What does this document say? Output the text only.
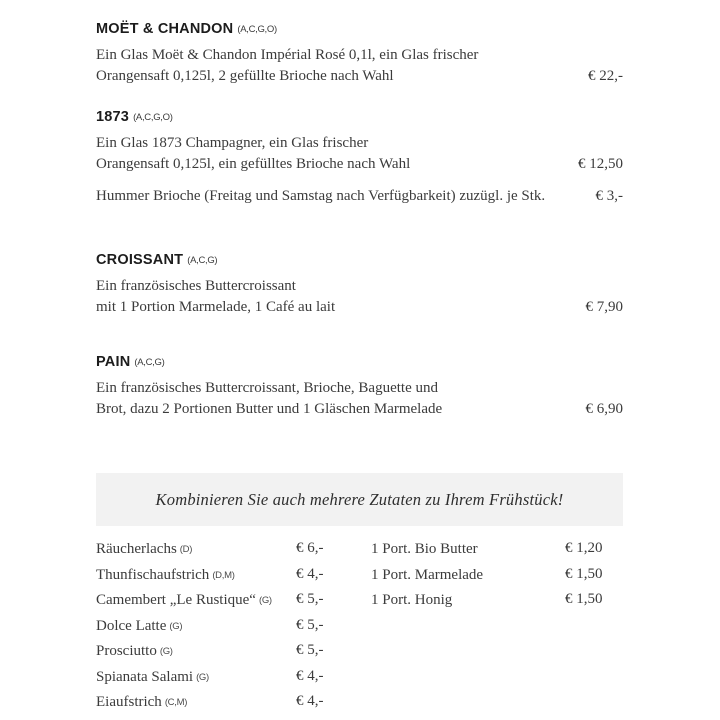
MOËT & CHANDON (A,C,G,O)
Ein Glas Moët & Chandon Impérial Rosé 0,1l, ein Glas frischer
Orangensaft 0,125l, 2 gefüllte Brioche nach Wahl	€ 22,-
1873 (A,C,G,O)
Ein Glas 1873 Champagner, ein Glas frischer
Orangensaft 0,125l, ein gefülltes Brioche nach Wahl	€ 12,50
Hummer Brioche (Freitag und Samstag nach Verfügbarkeit) zuzügl. je Stk.	€ 3,-
CROISSANT (A,C,G)
Ein französisches Buttercroissant
mit 1 Portion Marmelade, 1 Café au lait	€ 7,90
PAIN (A,C,G)
Ein französisches Buttercroissant, Brioche, Baguette und
Brot, dazu 2 Portionen Butter und 1 Gläschen Marmelade	€ 6,90
Kombinieren Sie auch mehrere Zutaten zu Ihrem Frühstück!
Räucherlachs (D)	€ 6,-
Thunfischaufstrich (D,M)	€ 4,-
Camembert „Le Rustique“ (G) € 5,-
Dolce Latte (G)	€ 5,-
Prosciutto (G)	€ 5,-
Spianata Salami (G)	€ 4,-
Eiaufstrich (C,M)	€ 4,-
1 Port. Bio Butter	€ 1,20
1 Port. Marmelade	€ 1,50
1 Port. Honig	€ 1,50
